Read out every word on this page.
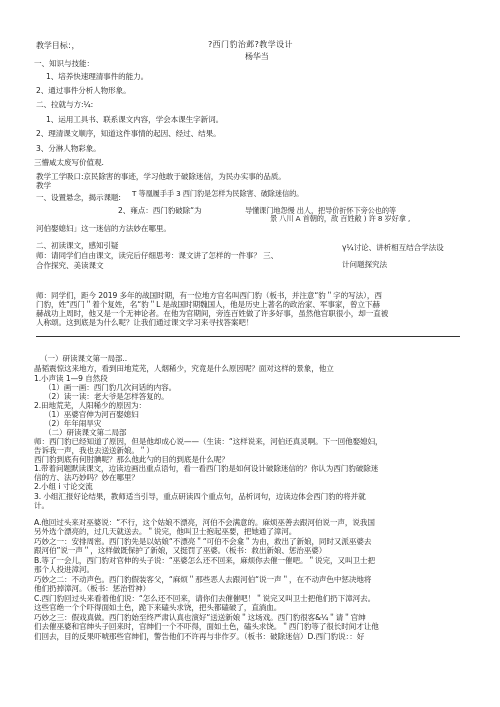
教学目标：，	?西门豹治邺?教学设计
杨华当
一、知识与技能：
1、培养快速理清事件的能力。
2、通过事件分析人物形象。
二、拉就与方:¼:
1、运用工具书、联系课文内容，学会本课生字新词。
2、理清课文顺序，知道这件事情的起因、经过、结果。
3、分淋人物彩象。
三懵咸太废写价值观.
教学工学吸口:京民除害的事迹，学习他敢于破除迷信，为民办实事的品质。
教学
一、设置悬念，揭示课题: T 等凰履手手 3 西门豹是怎样为民除害、破除迷信的。
2、雍点：西门豹破除“为	导懂课门地怨慢 出人，把导价折怀下旁公也的等
景 八川 A 首朝的，敌 百姓敞 ) 许 8 岁好拿 ,
河伯娶媳妇」这一迷信的方法妙在哪里。
二、初读课文，感知引疑
师：请同学们自由课文，读完后仔细思考：课文讲了怎样的一件事？ 三、
合作探究、美读课文
γ¼讨论、讲析相互结合学法设
计问题探究法
师：同学们，距今 2019 多年的战国时期，有一位地方官名叫西门豹（板书，并注意“豹＂字的写法），西
门豹，姓“西门＂着个复姓，名“豹＂L 是战国时期魏国人，他是历史上著名的政治家、军事家，曾立下赫
赫战功上周时，他又是一个无神论者。在他为官期间，旁连百姓做了许多好事，虽然他官职很小，却一直被
人称颂。这到底是为什么呢？让我们通过课文学习来寻找答案吧！
（一）研读课文第一局部..
晶韬震惊这来地方，看到田地荒芜，人烟稀少，究竟是什么原因呢？面对这样的景象，他立
1.小声读 1—9 自然段
（1）画一画：西门豹几次问话的内容。
（2）读一读：老大爷是怎样答复的。
2.田地荒芜，人阳稀少的原因为：
（1）巫婆官伸为河百娶媳妇
（2）年年闹旱灾
（二）研读课文第二局部
师：西门豹已经知道了原因，但是他却成心说——（生读：“这样说来，河伯还真灵啊。下一回他娶媳妇，
告诉我一声，我也去送送新娘。＂）
西门豹到底有何肘腆呢？那么他此勺的目的到底是什么呢？
1.带着问题默读课文，边读边画出重点语句，看一看西门豹是如何设计破除迷信的？你认为西门豹破除迷
信的方、法巧妙吗？妙在哪里？
2.小组 i 寸论交流
3. 小组汇报好论结果，教师适当引导，重点研读四个重点句，品析词句，边读边体会西门豹的将并就
计。
A.他回过头来对巫婆说：“不行，这个姑娘不漂亮，河伯不会满意的。麻烦巫善去跟河伯说一声，说我国
另外选个漂亮的，过几天就送去。＂说完，他叫卫士抱起巫要，把她通了漳河。
巧妙之一：安排周密。西门豹先是以姑娘“不漂亮＂“可伯不会龛＂为由，救出了新娘，同时又派巫婆去
跟河伯”说一声＂，这样做既保护了新娘，又挺罚了巫婆。（板书：救出新娘、惩治巫婆）
B.等了一会儿，西门豹对官伸的头子说：“巫婆怎么还不回来，麻烦你去催一催吧。＂说完，又叫卫士把
那个人投进漳河。
巧妙之二：不动声色。西门豹假装客父，“麻烦＂那些恶人去跟河伯“说一声＂，在不动声色中惩决地将
他们扔掉漳河。（板书：惩治哲神）
C.西门豹回过头来看着他们说：“怎么还不回来，请你们去催催吧！＂说完又叫卫士把他们扔下漳河去。
这些官绝一个个吓得面如土色，跪下来磕头求饶，把头都磕破了，直淌血。
巧妙之三：假戏真做。西门豹始至终严肃认真也演好“送送新娘＂这场戏。西门豹很客&¼＂请＂官绅
们去催巫婆和官绅头子回来时，官绅们一个不吓得，面如土色，磕头求饶。＂西门豹等了很长时间才让他
们回去，目的反果吓唬那些官绅们，警告他们不许再与非作歹。（板书：破除迷信）D.西门豹说：：好
